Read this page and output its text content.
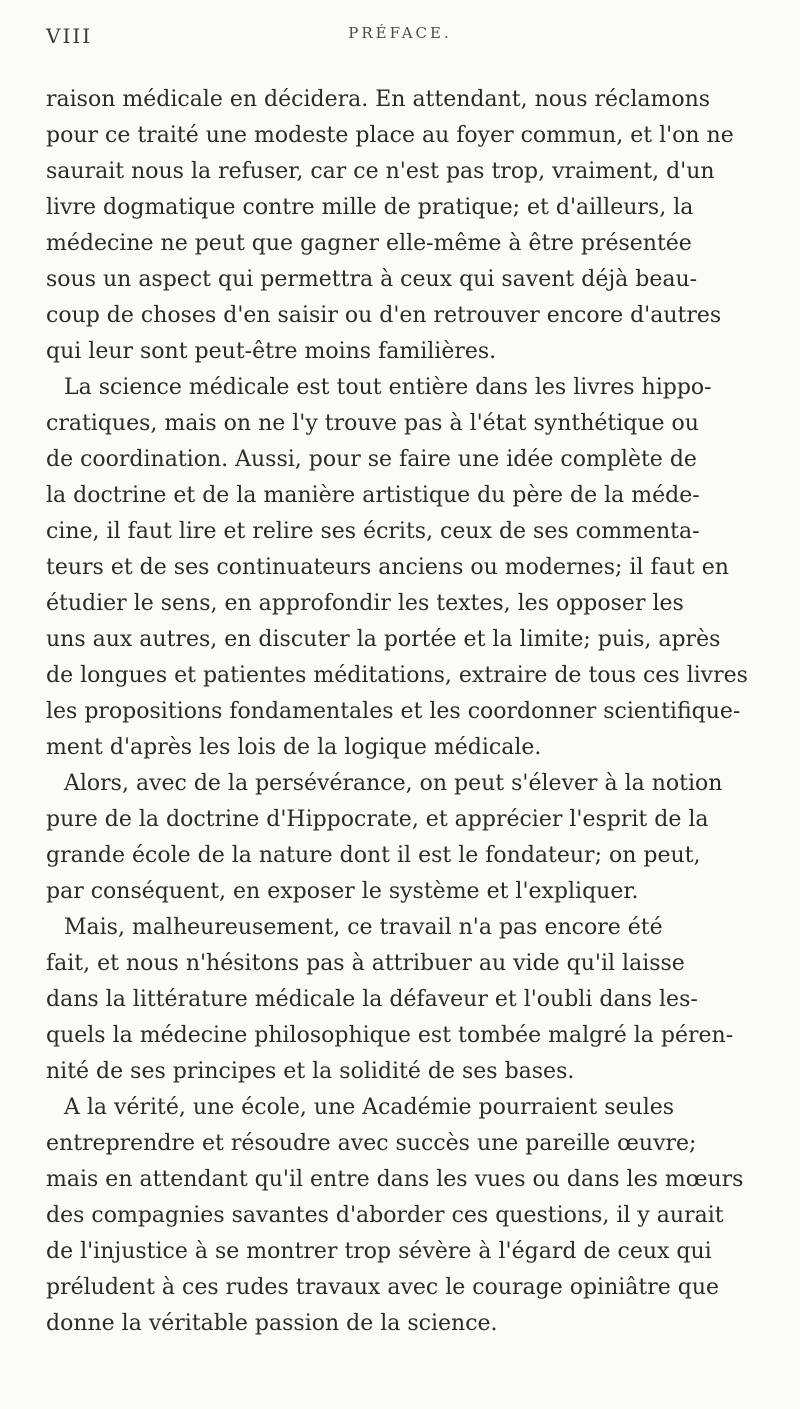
VIII	PRÉFACE.
raison médicale en décidera. En attendant, nous réclamons
pour ce traité une modeste place au foyer commun, et l'on ne
saurait nous la refuser, car ce n'est pas trop, vraiment, d'un
livre dogmatique contre mille de pratique; et d'ailleurs, la
médecine ne peut que gagner elle-même à être présentée
sous un aspect qui permettra à ceux qui savent déjà beau-
coup de choses d'en saisir ou d'en retrouver encore d'autres
qui leur sont peut-être moins familières.
La science médicale est tout entière dans les livres hippo-
cratiques, mais on ne l'y trouve pas à l'état synthétique ou
de coordination. Aussi, pour se faire une idée complète de
la doctrine et de la manière artistique du père de la méde-
cine, il faut lire et relire ses écrits, ceux de ses commenta-
teurs et de ses continuateurs anciens ou modernes; il faut en
étudier le sens, en approfondir les textes, les opposer les
uns aux autres, en discuter la portée et la limite; puis, après
de longues et patientes méditations, extraire de tous ces livres
les propositions fondamentales et les coordonner scientifique-
ment d'après les lois de la logique médicale.
Alors, avec de la persévérance, on peut s'élever à la notion
pure de la doctrine d'Hippocrate, et apprécier l'esprit de la
grande école de la nature dont il est le fondateur; on peut,
par conséquent, en exposer le système et l'expliquer.
Mais, malheureusement, ce travail n'a pas encore été
fait, et nous n'hésitons pas à attribuer au vide qu'il laisse
dans la littérature médicale la défaveur et l'oubli dans les-
quels la médecine philosophique est tombée malgré la péren-
nité de ses principes et la solidité de ses bases.
A la vérité, une école, une Académie pourraient seules
entreprendre et résoudre avec succès une pareille œuvre;
mais en attendant qu'il entre dans les vues ou dans les mœurs
des compagnies savantes d'aborder ces questions, il y aurait
de l'injustice à se montrer trop sévère à l'égard de ceux qui
préludent à ces rudes travaux avec le courage opiniâtre que
donne la véritable passion de la science.
